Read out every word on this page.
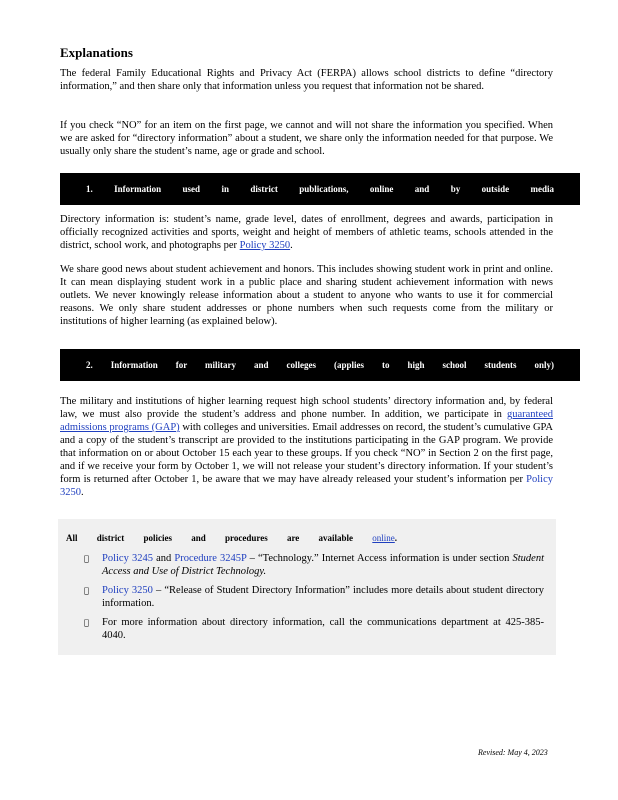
Explanations

The federal Family Educational Rights and Privacy Act (FERPA) allows school districts to define “directory information,” and then share only that information unless you request that information not be shared.

If you check “NO” for an item on the first page, we cannot and will not share the information you specified. When we are asked for “directory information” about a student, we share only the information needed for that purpose. We usually only share the student’s name, age or grade and school.

1. Information used in district publications, online and by outside media

Directory information is: student’s name, grade level, dates of enrollment, degrees and awards, participation in officially recognized activities and sports, weight and height of members of athletic teams, schools attended in the district, school work, and photographs per Policy 3250.

We share good news about student achievement and honors. This includes showing student work in print and online. It can mean displaying student work in a public place and sharing student achievement information with news outlets. We never knowingly release information about a student to anyone who wants to use it for commercial reasons. We only share student addresses or phone numbers when such requests come from the military or institutions of higher learning (as explained below).

2. Information for military and colleges (applies to high school students only)

The military and institutions of higher learning request high school students’ directory information and, by federal law, we must also provide the student’s address and phone number. In addition, we participate in guaranteed admissions programs (GAP) with colleges and universities. Email addresses on record, the student’s cumulative GPA and a copy of the student’s transcript are provided to the institutions participating in the GAP program. We provide that information on or about October 15 each year to these groups. If you check “NO” in Section 2 on the first page, and if we receive your form by October 1, we will not release your student’s directory information. If your student’s form is returned after October 1, be aware that we may have already released your student’s information per Policy 3250.

All district policies and procedures are available online.
Policy 3245 and Procedure 3245P – “Technology.” Internet Access information is under section Student Access and Use of District Technology.
Policy 3250 – “Release of Student Directory Information” includes more details about student directory information.
For more information about directory information, call the communications department at 425-385-4040.
Revised: May 4, 2023
